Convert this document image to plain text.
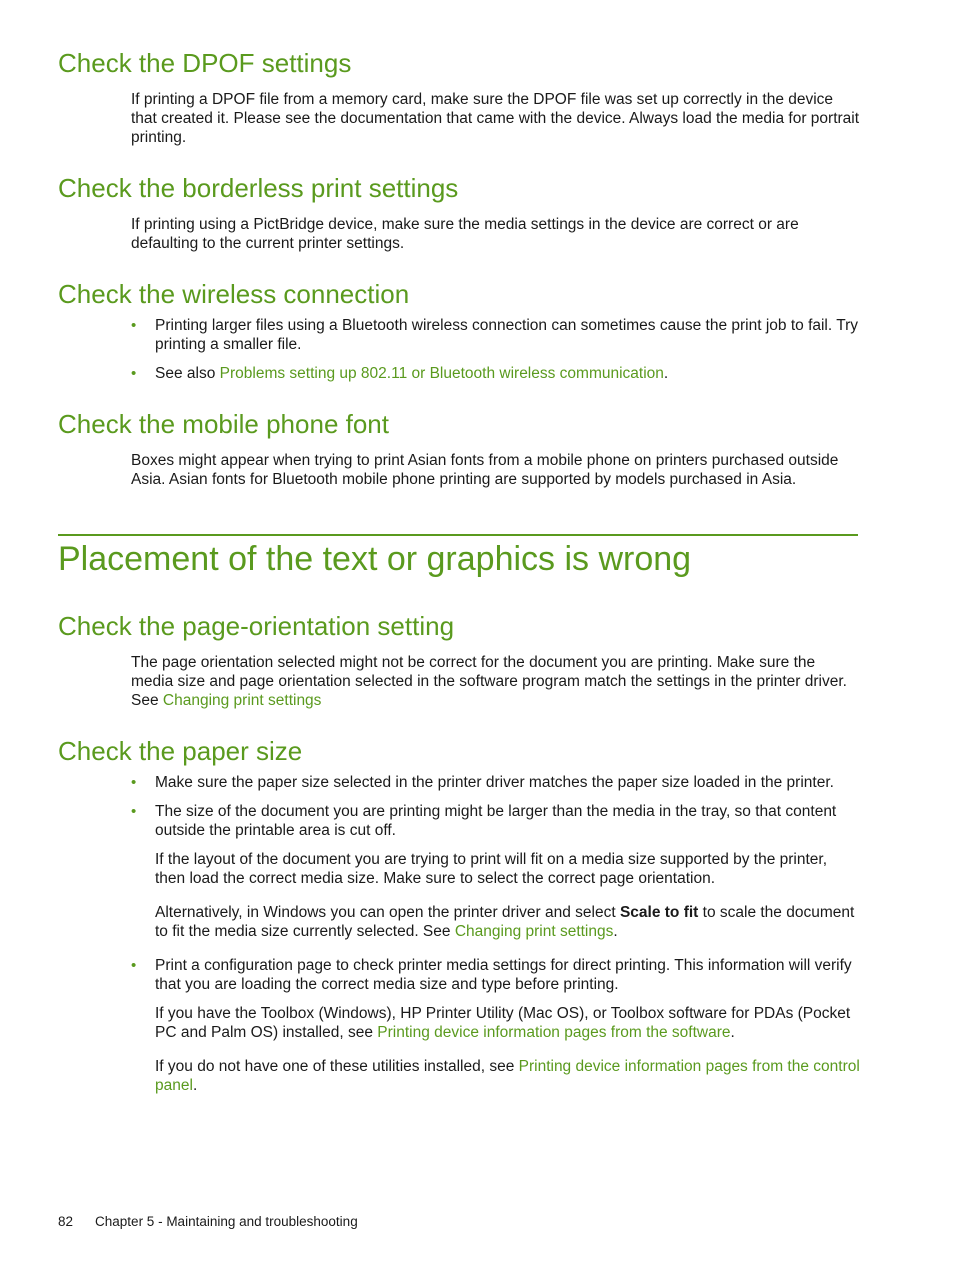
Check the DPOF settings

If printing a DPOF file from a memory card, make sure the DPOF file was set up correctly in the device that created it. Please see the documentation that came with the device. Always load the media for portrait printing.

Check the borderless print settings

If printing using a PictBridge device, make sure the media settings in the device are correct or are defaulting to the current printer settings.

Check the wireless connection
•	Printing larger files using a Bluetooth wireless connection can sometimes cause the print job to fail. Try printing a smaller file.
•	See also Problems setting up 802.11 or Bluetooth wireless communication.
Check the mobile phone font

Boxes might appear when trying to print Asian fonts from a mobile phone on printers purchased outside Asia. Asian fonts for Bluetooth mobile phone printing are supported by models purchased in Asia.

Placement of the text or graphics is wrong
Check the page-orientation setting

The page orientation selected might not be correct for the document you are printing. Make sure the media size and page orientation selected in the software program match the settings in the printer driver. See Changing print settings

Check the paper size
•	Make sure the paper size selected in the printer driver matches the paper size loaded in the printer.
•	The size of the document you are printing might be larger than the media in the tray, so that content outside the printable area is cut off.

If the layout of the document you are trying to print will fit on a media size supported by the printer, then load the correct media size. Make sure to select the correct page orientation.

Alternatively, in Windows you can open the printer driver and select Scale to fit to scale the document to fit the media size currently selected. See Changing print settings.

•	Print a configuration page to check printer media settings for direct printing. This information will verify that you are loading the correct media size and type before printing.

If you have the Toolbox (Windows), HP Printer Utility (Mac OS), or Toolbox software for PDAs (Pocket PC and Palm OS) installed, see Printing device information pages from the software.

If you do not have one of these utilities installed, see Printing device information pages from the control panel.

82 Chapter 5 - Maintaining and troubleshooting
